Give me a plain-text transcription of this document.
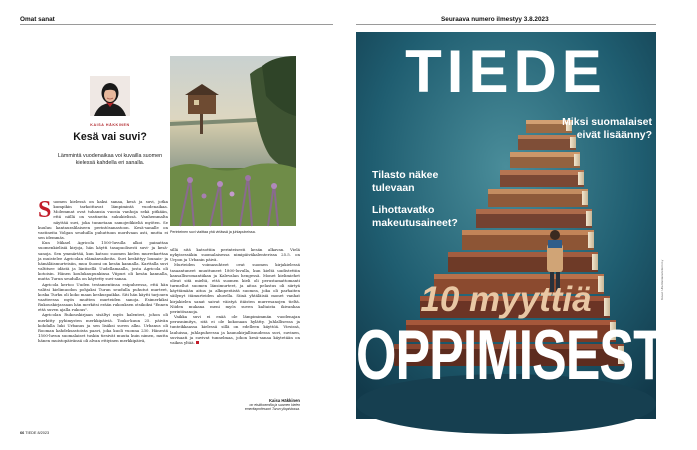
Omat sanat	Seuraava numero ilmestyy 3.8.2023
KAISA HÄKKINEN
Kesä vai suvi?
Lämmintä vuodenaikaa voi kuvailla suomen kielessä kahdella eri sanalla.
Perinteinen suvi viaittaa yhä viriässä ja juhlapuheissa.
S uomen kielessä on kaksi sanaa, kesä ja suvi, jotka kumpikin tarkoittavat lämpimintä vuodenaikaa. Molemmat ovat tuhansia vuosia vanhoja sekä pitkään, että niillä on vastineita sukukielissä. Vanhemmalta näyttää suvi, joka tunnetaan samojedikieliä myöten. Se kuuluu kantauralilaiseen perintösanastoon. Kesä-sanalle on vastineita Volgan seuduilla puhuttuun mordvaan asti, mutta ei sen idemmäs.

Kun Mikael Agricola 1500-luvulla alkoi painattaa suomenkielisiä kirjoja, hän käytti tasapuolisesti suvi- ja kesä- sanoja. Sen ymmärtää, kun katsoo suomen kielen murrekarttaa ja muistelee Agricolan elämänvaiheita. Suvi keskittyy lounais- ja hämäläismurteisiin, muu Suomi on kesän kannalla. Karttalla suvi valtitsee idästä ja läntisellä Uudellamaalla, josta Agricola oli kotoisin. Hänen koulukaupunkinsa Viipuri oli kesän kannalla, mutta Turun seudulla on käytetty suvi-sanaa.

Agricola kertoo Uuden testamentinsa esipuheessa, että hän valitsi kielimuodon pohjaksi Turun seudulla puhutut murteet, koska Turku oli koko maan keskuspaikka. Siti hän käytti tarjouen vaatteessa myös muitten murteiden sanoja. Esimerkiksi Rukouskirjassaan hän merkitsi erään rukouksen otsikoksi "Ennen että suven ajalla rukous".

Agricolan Rukouskirjaan sisältyi myös kalenteri, johon oli merkitty pyhimysten merkkipäiviä. Touko-kuun 25. päivän kohdalla luki Urbanus ja sen lisäksi suven alku. Urbanus oli Rooman kahdeksastoista paavi, joka kuoli vuonna 230. Hänestä 1500-luvun suomalaiset tuskin tiesivät muuta kuin nimen, mutta hänen muistopäivänsä oli alvan ettiyinen merkkipäivä,

sillä sitä katsottiin perinteisesti kesän alkavan. Vielä nykyisessäkin suomalaisessa nimipäiväkalenterissa 25.5. on Urpon ja Urbanin päivä.

Murteiden voimasuhteet ovat suomen kirjakielessä tasaantuneet muuttuneet 1800-luvulla, kun kieltä uudistettiin kansallisromantiikan ja Kalevalan hengessä. Monet kielimiehet olivat sitä mieltä, että suomen kieli oli perustamattomanti turmellut suomen länsimurteet, ja aitoa pelastus oli siirtyä käyttämään aitoa ja alkuperäistä suomea, joka oli parhaiten säilynyt itämurteiden alueella. Siinä yhtäläisiä monet vanhat kirjakielen sanat saivat väistyä itäisten murresanojen tieltä. Niiden mukana meni myös suven kaltaista ikivanhaa perintösanoja.

Vaikka suvi ei enää ole lämpimimmän vuodenajan perusnimitys, sitä ei ole kokonaan hylätty. Juhlallisessa ja tunteikkaassa kielessä sillä on edelleen käyttöä. Virsissä, lauluissa, juhlapuheessa ja kaunokirjallisuudessa suvi, suvinen, suvisaati ja suvivat tunnelmaa, johon kesä-sanaa käytetään on vaikea yltää.

Kaisa Häkkinen
on etsikkoemilia ja suomen kielen emeritaprofessori Turun yliopistossa.
66 TIEDE 8/2023
TIEDE
Miksi suomalaiset eivät lisäänny?
Tilasto näkee tulevaan
Lihottavatko makeutusaineet?
10 myyttiä
OPPIMISESTA
Kuvat: Ulla Rantanen/Jenni Ly
